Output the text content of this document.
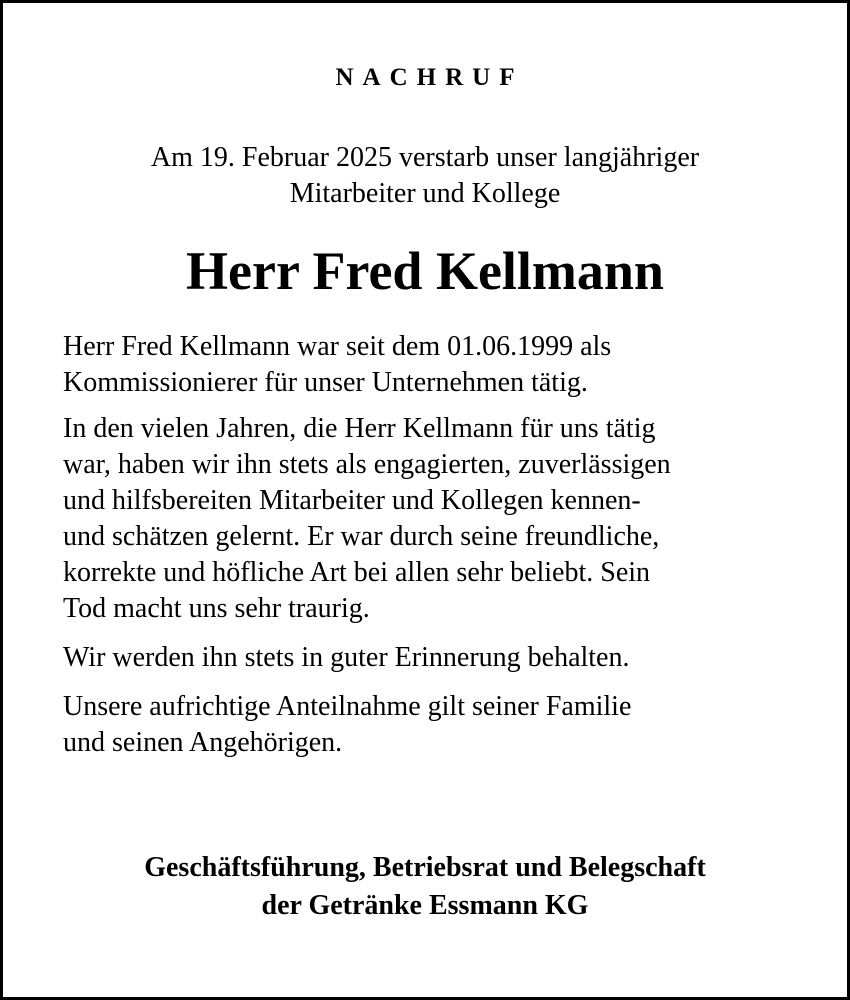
NACHRUF
Am 19. Februar 2025 verstarb unser langjähriger
Mitarbeiter und Kollege
Herr Fred Kellmann

Herr Fred Kellmann war seit dem 01.06.1999 als
Kommissionierer für unser Unternehmen tätig.

In den vielen Jahren, die Herr Kellmann für uns tätig
war, haben wir ihn stets als engagierten, zuverlässigen
und hilfsbereiten Mitarbeiter und Kollegen kennen-
und schätzen gelernt. Er war durch seine freundliche,
korrekte und höfliche Art bei allen sehr beliebt. Sein
Tod macht uns sehr traurig.

Wir werden ihn stets in guter Erinnerung behalten.

Unsere aufrichtige Anteilnahme gilt seiner Familie
und seinen Angehörigen.

Geschäftsführung, Betriebsrat und Belegschaft
der Getränke Essmann KG
